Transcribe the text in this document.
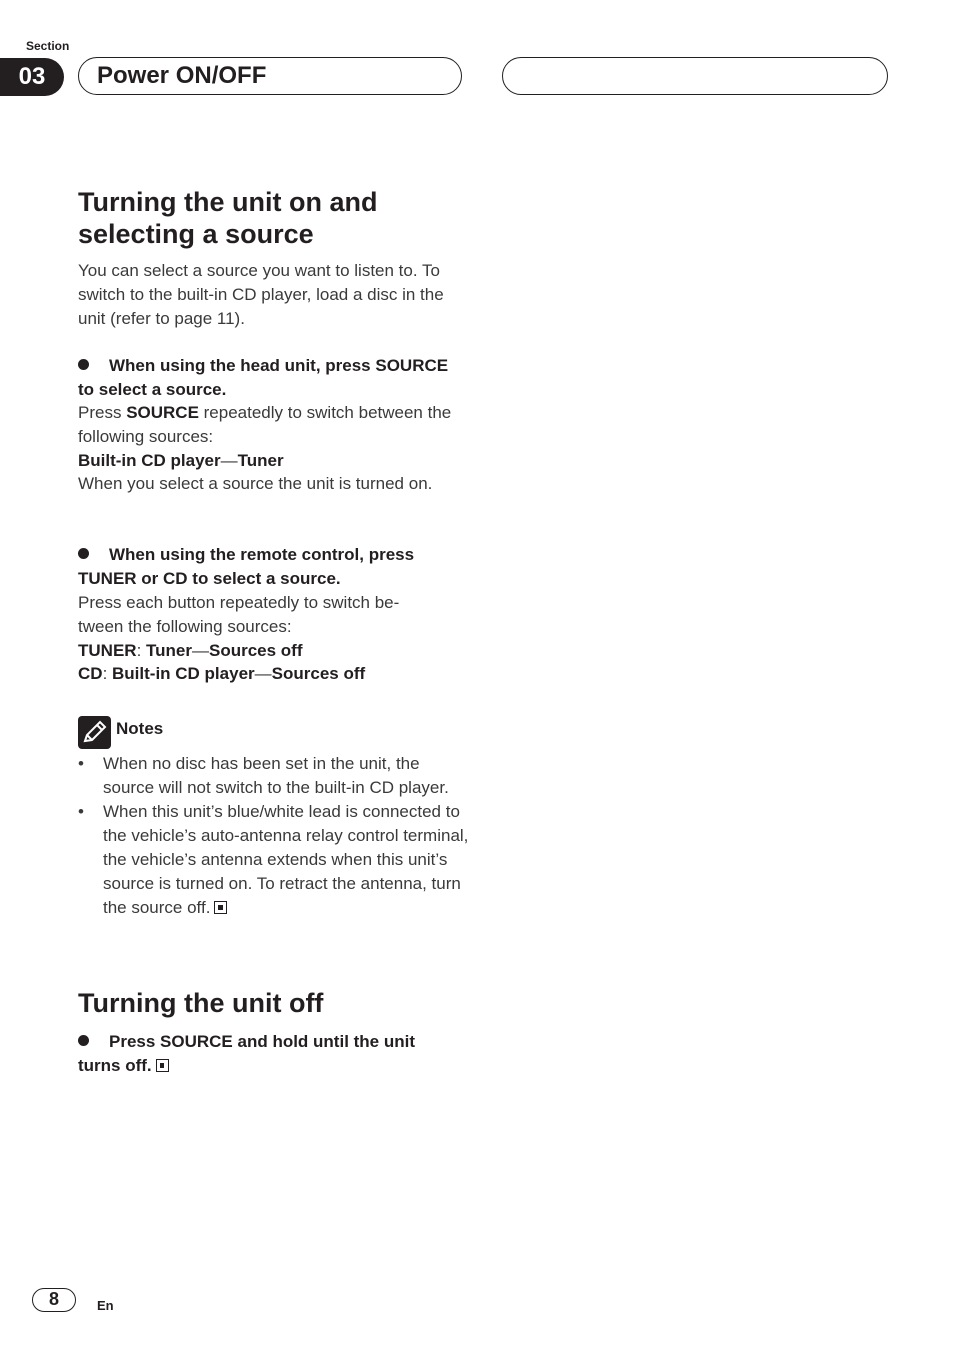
Section
03	Power ON/OFF
Turning the unit on and
selecting a source

You can select a source you want to listen to. To switch to the built-in CD player, load a disc in the unit (refer to page 11).

When using the head unit, press SOURCE to select a source.

Press SOURCE repeatedly to switch between the following sources:

Built-in CD player—Tuner

When you select a source the unit is turned on.

When using the remote control, press TUNER or CD to select a source.

Press each button repeatedly to switch be-tween the following sources:

TUNER: Tuner—Sources off

CD: Built-in CD player—Sources off

Notes
• When no disc has been set in the unit, the source will not switch to the built-in CD player.
• When this unit’s blue/white lead is connected to the vehicle’s auto-antenna relay control terminal, the vehicle’s antenna extends when this unit’s source is turned on. To retract the antenna, turn the source off.
Turning the unit off

Press SOURCE and hold until the unit turns off.

8	En
